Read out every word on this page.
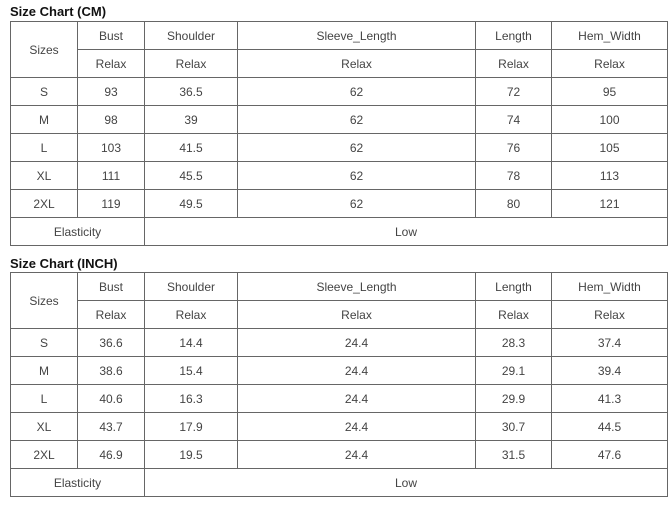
Size Chart (CM)
Sizes	Bust	Shoulder	Sleeve_Length	Length	Hem_Width
	Relax	Relax	Relax	Relax	Relax
S	93	36.5	62	72	95
M	98	39	62	74	100
L	103	41.5	62	76	105
XL	111	45.5	62	78	113
2XL	119	49.5	62	80	121
Elasticity		Low			
Size Chart (INCH)
Sizes	Bust	Shoulder	Sleeve_Length	Length	Hem_Width
	Relax	Relax	Relax	Relax	Relax
S	36.6	14.4	24.4	28.3	37.4
M	38.6	15.4	24.4	29.1	39.4
L	40.6	16.3	24.4	29.9	41.3
XL	43.7	17.9	24.4	30.7	44.5
2XL	46.9	19.5	24.4	31.5	47.6
Elasticity		Low			
